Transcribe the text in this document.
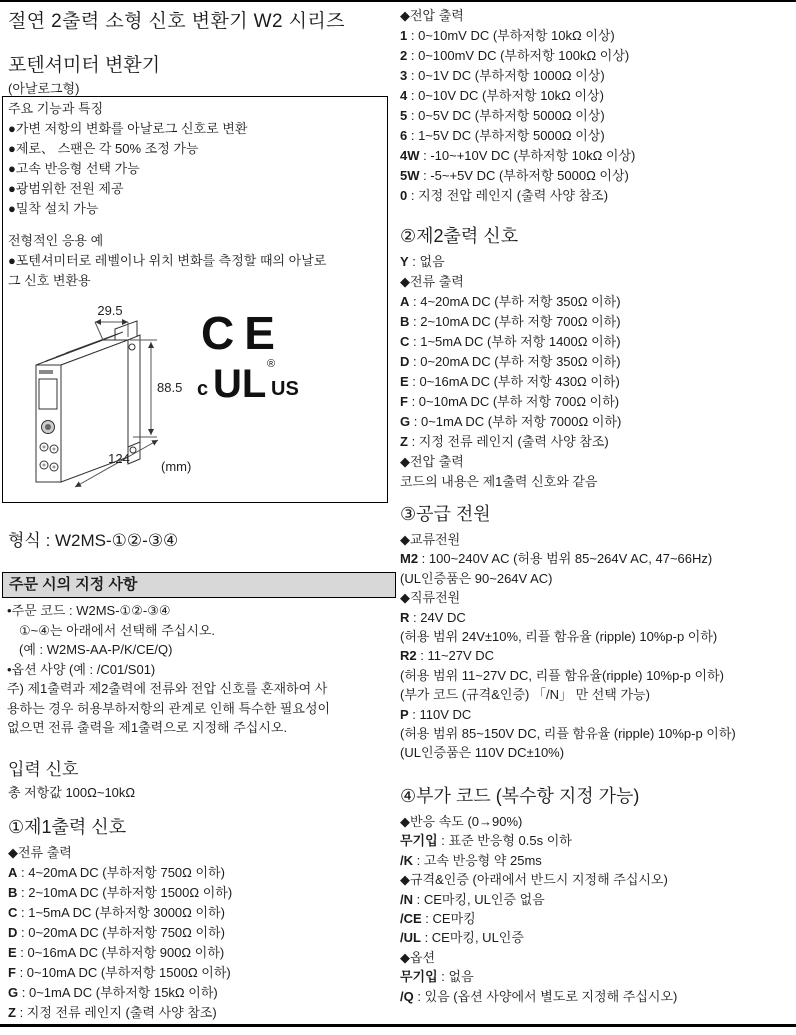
절연 2출력 소형 신호 변환기 W2 시리즈
포텐셔미터 변환기
(아날로그형)
주요 기능과 특징
●가변 저항의 변화를 아날로그 신호로 변환
●제로、 스팬은 각 50% 조정 가능
●고속 반응형 선택 가능
●광범위한 전원 제공
●밀착 설치 가능
전형적인 응용 예
●포텐셔미터로 레벨이나 위치 변화를 측정할 때의 아날로
그 신호 변환용
29.5
88.5
124
(mm)
CE
c UL ®
US
형식 : W2MS-①②-③④
주문 시의 지정 사항
•주문 코드 : W2MS-①②-③④
①~④는 아래에서 선택해 주십시오.
(예 : W2MS-AA-P/K/CE/Q)
•옵션 사양 (예 : /C01/S01)
주) 제1출력과 제2출력에 전류와 전압 신호를 혼재하여 사
용하는 경우 허용부하저항의 관계로 인해 특수한 필요성이
없으면 전류 출력을 제1출력으로 지정해 주십시오.
입력 신호
총 저항값 100Ω~10kΩ
①제1출력 신호
◆전류 출력
A : 4~20mA DC (부하저항 750Ω 이하)
B : 2~10mA DC (부하저항 1500Ω 이하)
C : 1~5mA DC (부하저항 3000Ω 이하)
D : 0~20mA DC (부하저항 750Ω 이하)
E : 0~16mA DC (부하저항 900Ω 이하)
F : 0~10mA DC (부하저항 1500Ω 이하)
G : 0~1mA DC (부하저항 15kΩ 이하)
Z : 지정 전류 레인지 (출력 사양 참조)
◆전압 출력
1 : 0~10mV DC (부하저항 10kΩ 이상)
2 : 0~100mV DC (부하저항 100kΩ 이상)
3 : 0~1V DC (부하저항 1000Ω 이상)
4 : 0~10V DC (부하저항 10kΩ 이상)
5 : 0~5V DC (부하저항 5000Ω 이상)
6 : 1~5V DC (부하저항 5000Ω 이상)
4W : -10~+10V DC (부하저항 10kΩ 이상)
5W : -5~+5V DC (부하저항 5000Ω 이상)
0 : 지정 전압 레인지 (출력 사양 참조)
②제2출력 신호
Y : 없음
◆전류 출력
A : 4~20mA DC (부하 저항 350Ω 이하)
B : 2~10mA DC (부하 저항 700Ω 이하)
C : 1~5mA DC (부하 저항 1400Ω 이하)
D : 0~20mA DC (부하 저항 350Ω 이하)
E : 0~16mA DC (부하 저항 430Ω 이하)
F : 0~10mA DC (부하 저항 700Ω 이하)
G : 0~1mA DC (부하 저항 7000Ω 이하)
Z : 지정 전류 레인지 (출력 사양 참조)
◆전압 출력
코드의 내용은 제1출력 신호와 같음
③공급 전원
◆교류전원
M2 : 100~240V AC (허용 범위 85~264V AC, 47~66Hz)
(UL인증품은 90~264V AC)
◆직류전원
R : 24V DC
(허용 범위 24V±10%, 리플 함유율 (ripple) 10%p-p 이하)
R2 : 11~27V DC
(허용 범위 11~27V DC, 리플 함유율(ripple) 10%p-p 이하)
(부가 코드 (규격&인증) 「/N」 만 선택 가능)
P : 110V DC
(허용 범위 85~150V DC, 리플 함유율 (ripple) 10%p-p 이하)
(UL인증품은 110V DC±10%)
④부가 코드 (복수항 지정 가능)
◆반응 속도 (0→90%)
무기입 : 표준 반응형 0.5s 이하
/K : 고속 반응형 약 25ms
◆규격&인증 (아래에서 반드시 지정해 주십시오)
/N : CE마킹, UL인증 없음
/CE : CE마킹
/UL : CE마킹, UL인증
◆옵션
무기입 : 없음
/Q : 있음 (옵션 사양에서 별도로 지정해 주십시오)
